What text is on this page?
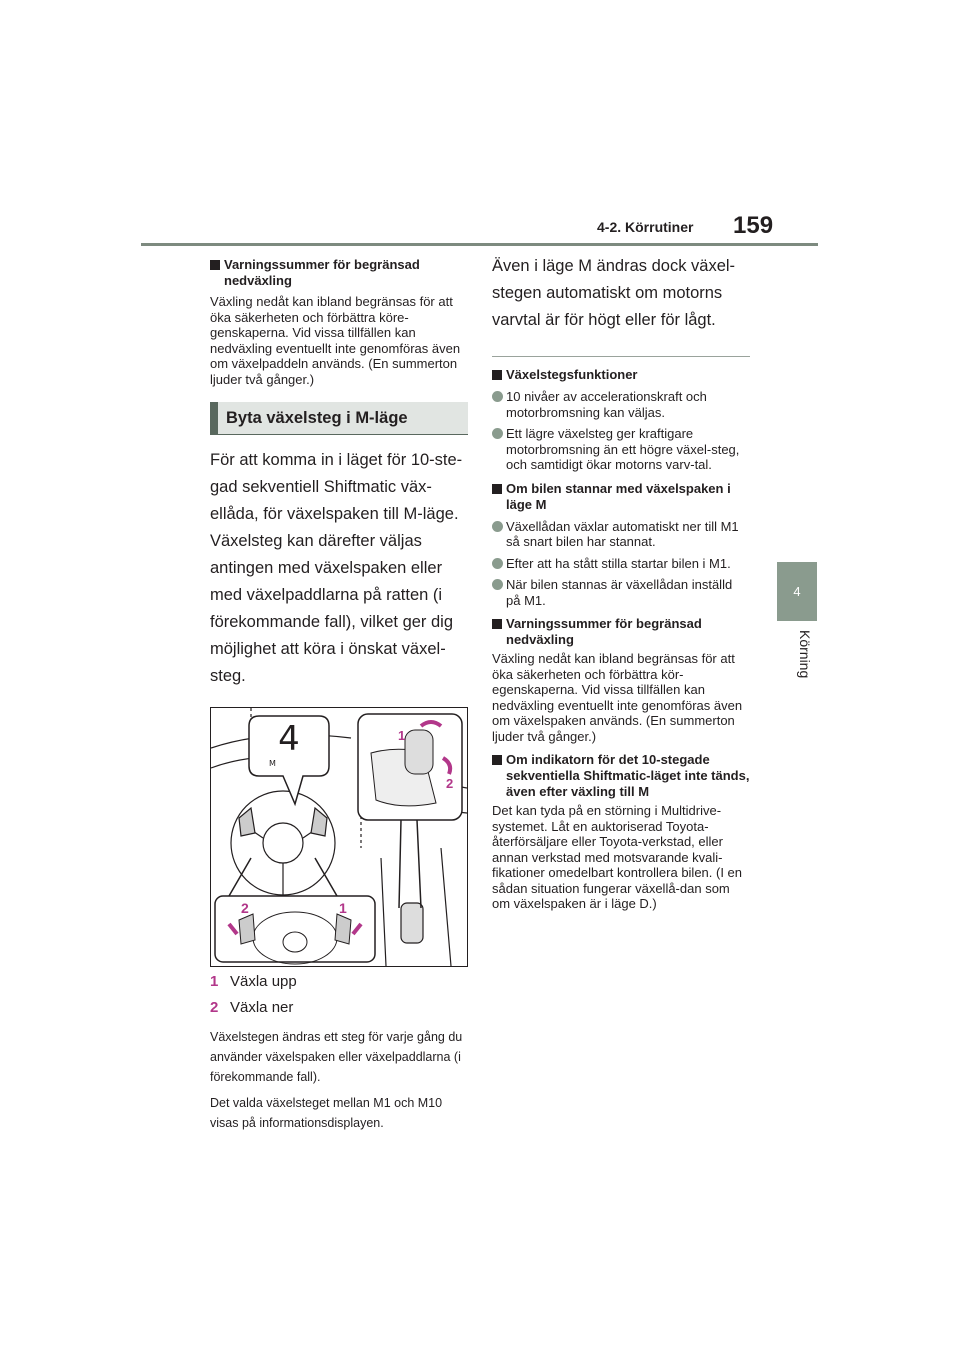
4-2. Körrutiner 159
4
Körning
Varningssummer för begränsad nedväxling

Växling nedåt kan ibland begränsas för att öka säkerheten och förbättra köre-genskaperna. Vid vissa tillfällen kan nedväxling eventuellt inte genomföras även om växelpaddeln används. (En summerton ljuder två gånger.)

Byta växelsteg i M-läge

För att komma in i läget för 10-ste-gad sekventiell Shiftmatic väx-ellåda, för växelspaken till M-läge. Växelsteg kan därefter väljas antingen med växelspaken eller med växelpaddlarna på ratten (i förekommande fall), vilket ger dig möjlighet att köra i önskat växel-steg.

4
M
1
2
2	1
1 Växla upp
2 Växla ner

Växelstegen ändras ett steg för varje gång du använder växelspaken eller växelpaddlarna (i förekommande fall).

Det valda växelsteget mellan M1 och M10 visas på informationsdisplayen.

Även i läge M ändras dock växel-stegen automatiskt om motorns varvtal är för högt eller för lågt.

Växelstegsfunktioner
10 nivåer av accelerationskraft och motorbromsning kan väljas.
Ett lägre växelsteg ger kraftigare motorbromsning än ett högre växel-steg, och samtidigt ökar motorns varv-tal.
Om bilen stannar med växelspaken i läge M
Växellådan växlar automatiskt ner till M1 så snart bilen har stannat.
Efter att ha stått stilla startar bilen i M1.
När bilen stannas är växellådan inställd på M1.
Varningssummer för begränsad nedväxling

Växling nedåt kan ibland begränsas för att öka säkerheten och förbättra kör-egenskaperna. Vid vissa tillfällen kan nedväxling eventuellt inte genomföras även om växelspaken används. (En summerton ljuder två gånger.)

Om indikatorn för det 10-stegade sekventiella Shiftmatic-läget inte tänds, även efter växling till M

Det kan tyda på en störning i Multidrive-systemet. Låt en auktoriserad Toyota-återförsäljare eller Toyota-verkstad, eller annan verkstad med motsvarande kvali-fikationer omedelbart kontrollera bilen. (I en sådan situation fungerar växellå-dan som om växelspaken är i läge D.)
